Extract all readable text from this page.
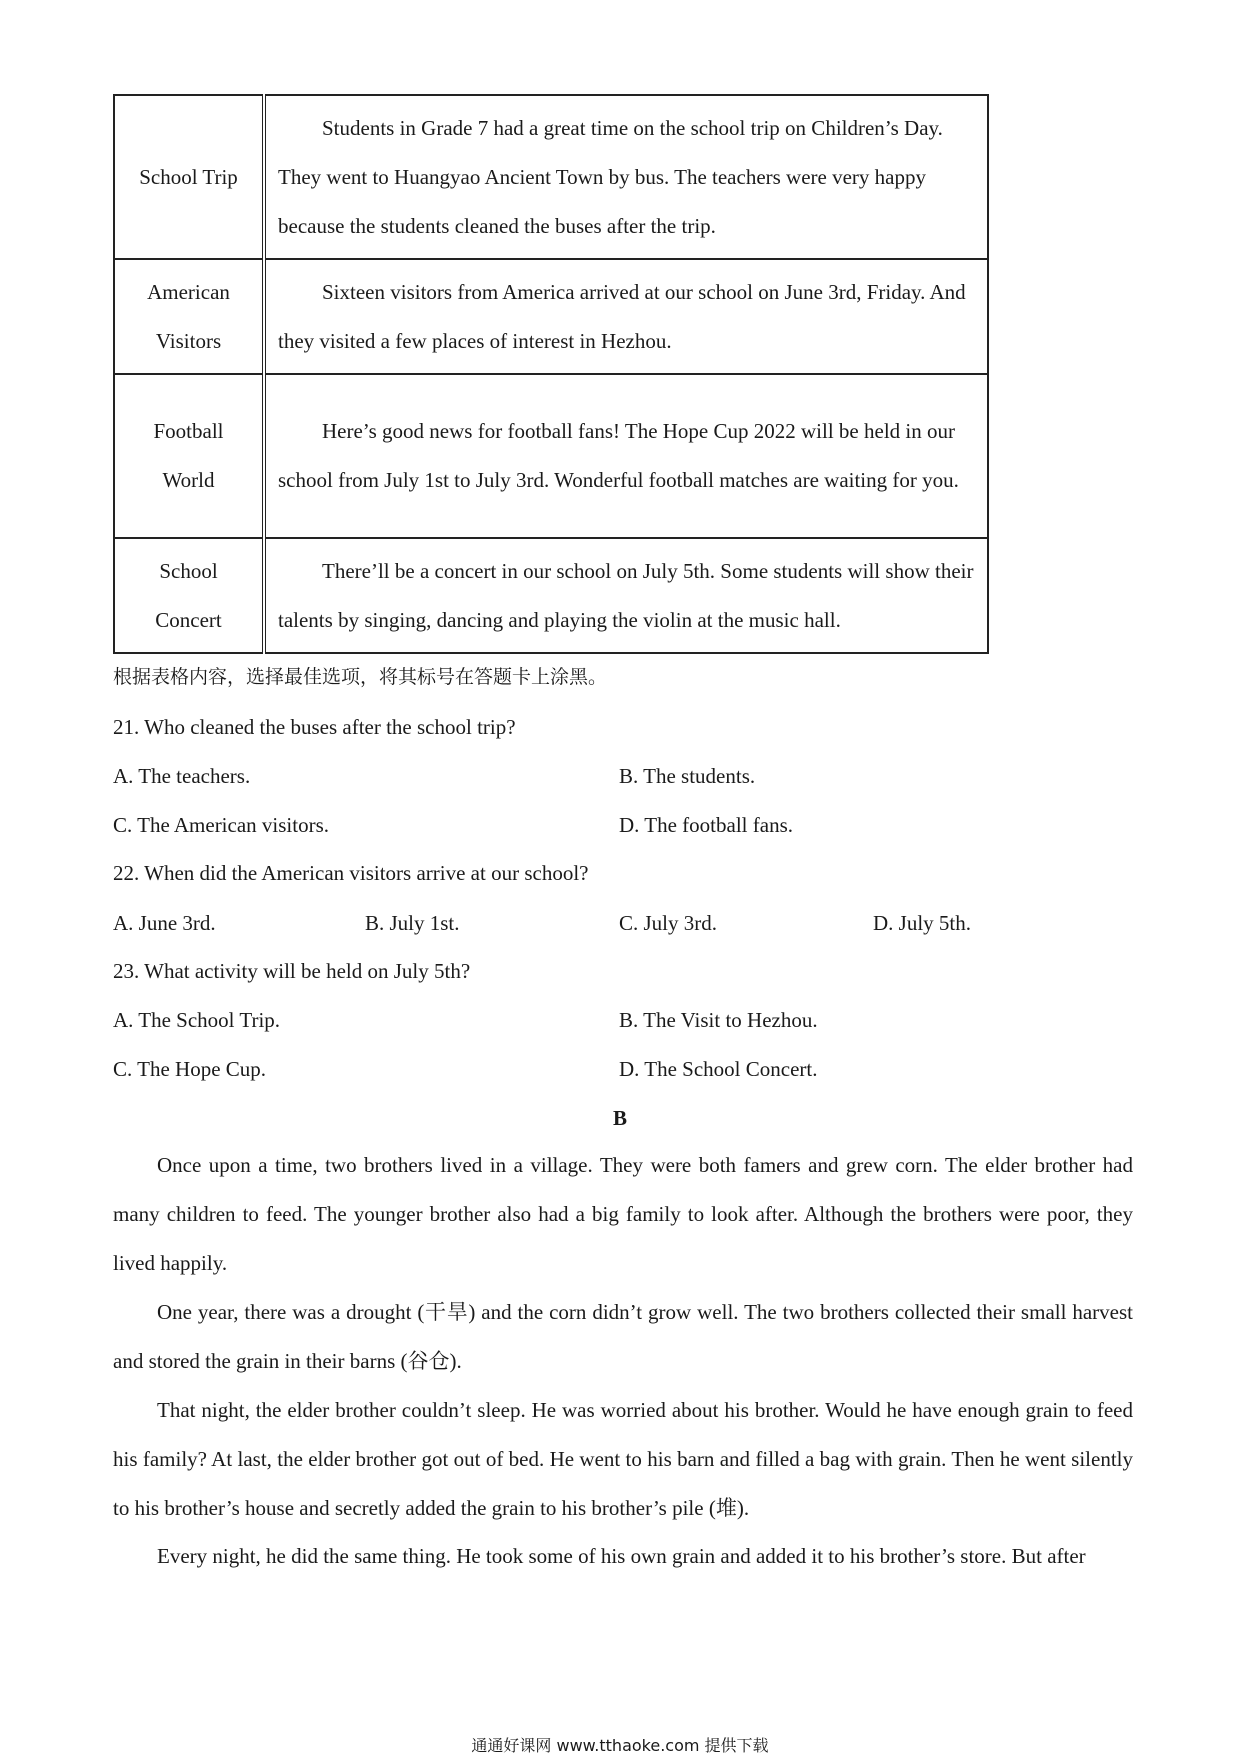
School Trip	Students in Grade 7 had a great time on the school trip on Children’s Day. They went to Huangyao Ancient Town by bus. The teachers were very happy because the students cleaned the buses after the trip.

American
Visitors	Sixteen visitors from America arrived at our school on June 3rd, Friday. And they visited a few places of interest in Hezhou.

Football
World	Here’s good news for football fans! The Hope Cup 2022 will be held in our school from July 1st to July 3rd. Wonderful football matches are waiting for you.

School
Concert	There’ll be a concert in our school on July 5th. Some students will show their talents by singing, dancing and playing the violin at the music hall.
根据表格内容，选择最佳选项，将其标号在答题卡上涂黑。
21. Who cleaned the buses after the school trip?
A. The teachers.	B. The students.
C. The American visitors.	D. The football fans.
22. When did the American visitors arrive at our school?
A. June 3rd.	B. July 1st.	C. July 3rd.	D. July 5th.
23. What activity will be held on July 5th?
A. The School Trip.	B. The Visit to Hezhou.
C. The Hope Cup.	D. The School Concert.
B
Once upon a time, two brothers lived in a village. They were both famers and grew corn. The elder brother had many children to feed. The younger brother also had a big family to look after. Although the brothers were poor, they lived happily.
One year, there was a drought (干旱) and the corn didn’t grow well. The two brothers collected their small harvest and stored the grain in their barns (谷仓).
That night, the elder brother couldn’t sleep. He was worried about his brother. Would he have enough grain to feed his family? At last, the elder brother got out of bed. He went to his barn and filled a bag with grain. Then he went silently to his brother’s house and secretly added the grain to his brother’s pile (堆).
Every night, he did the same thing. He took some of his own grain and added it to his brother’s store. But after
通通好课网 www.tthaoke.com 提供下载
